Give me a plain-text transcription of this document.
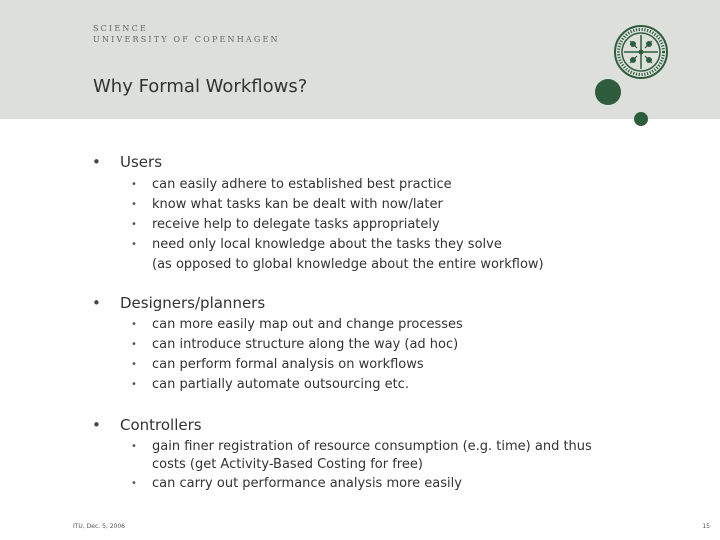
SCIENCE
UNIVERSITY OF COPENHAGEN
Why Formal Workflows?
• Users
• can easily adhere to established best practice
• know what tasks kan be dealt with now/later
• receive help to delegate tasks appropriately
• need only local knowledge about the tasks they solve
(as opposed to global knowledge about the entire workflow)
• Designers/planners
• can more easily map out and change processes
• can introduce structure along the way (ad hoc)
• can perform formal analysis on workflows
• can partially automate outsourcing etc.
• Controllers
• gain finer registration of resource consumption (e.g. time) and thus
costs (get Activity-Based Costing for free)
• can carry out performance analysis more easily
ITU, Dec. 5, 2006	15
